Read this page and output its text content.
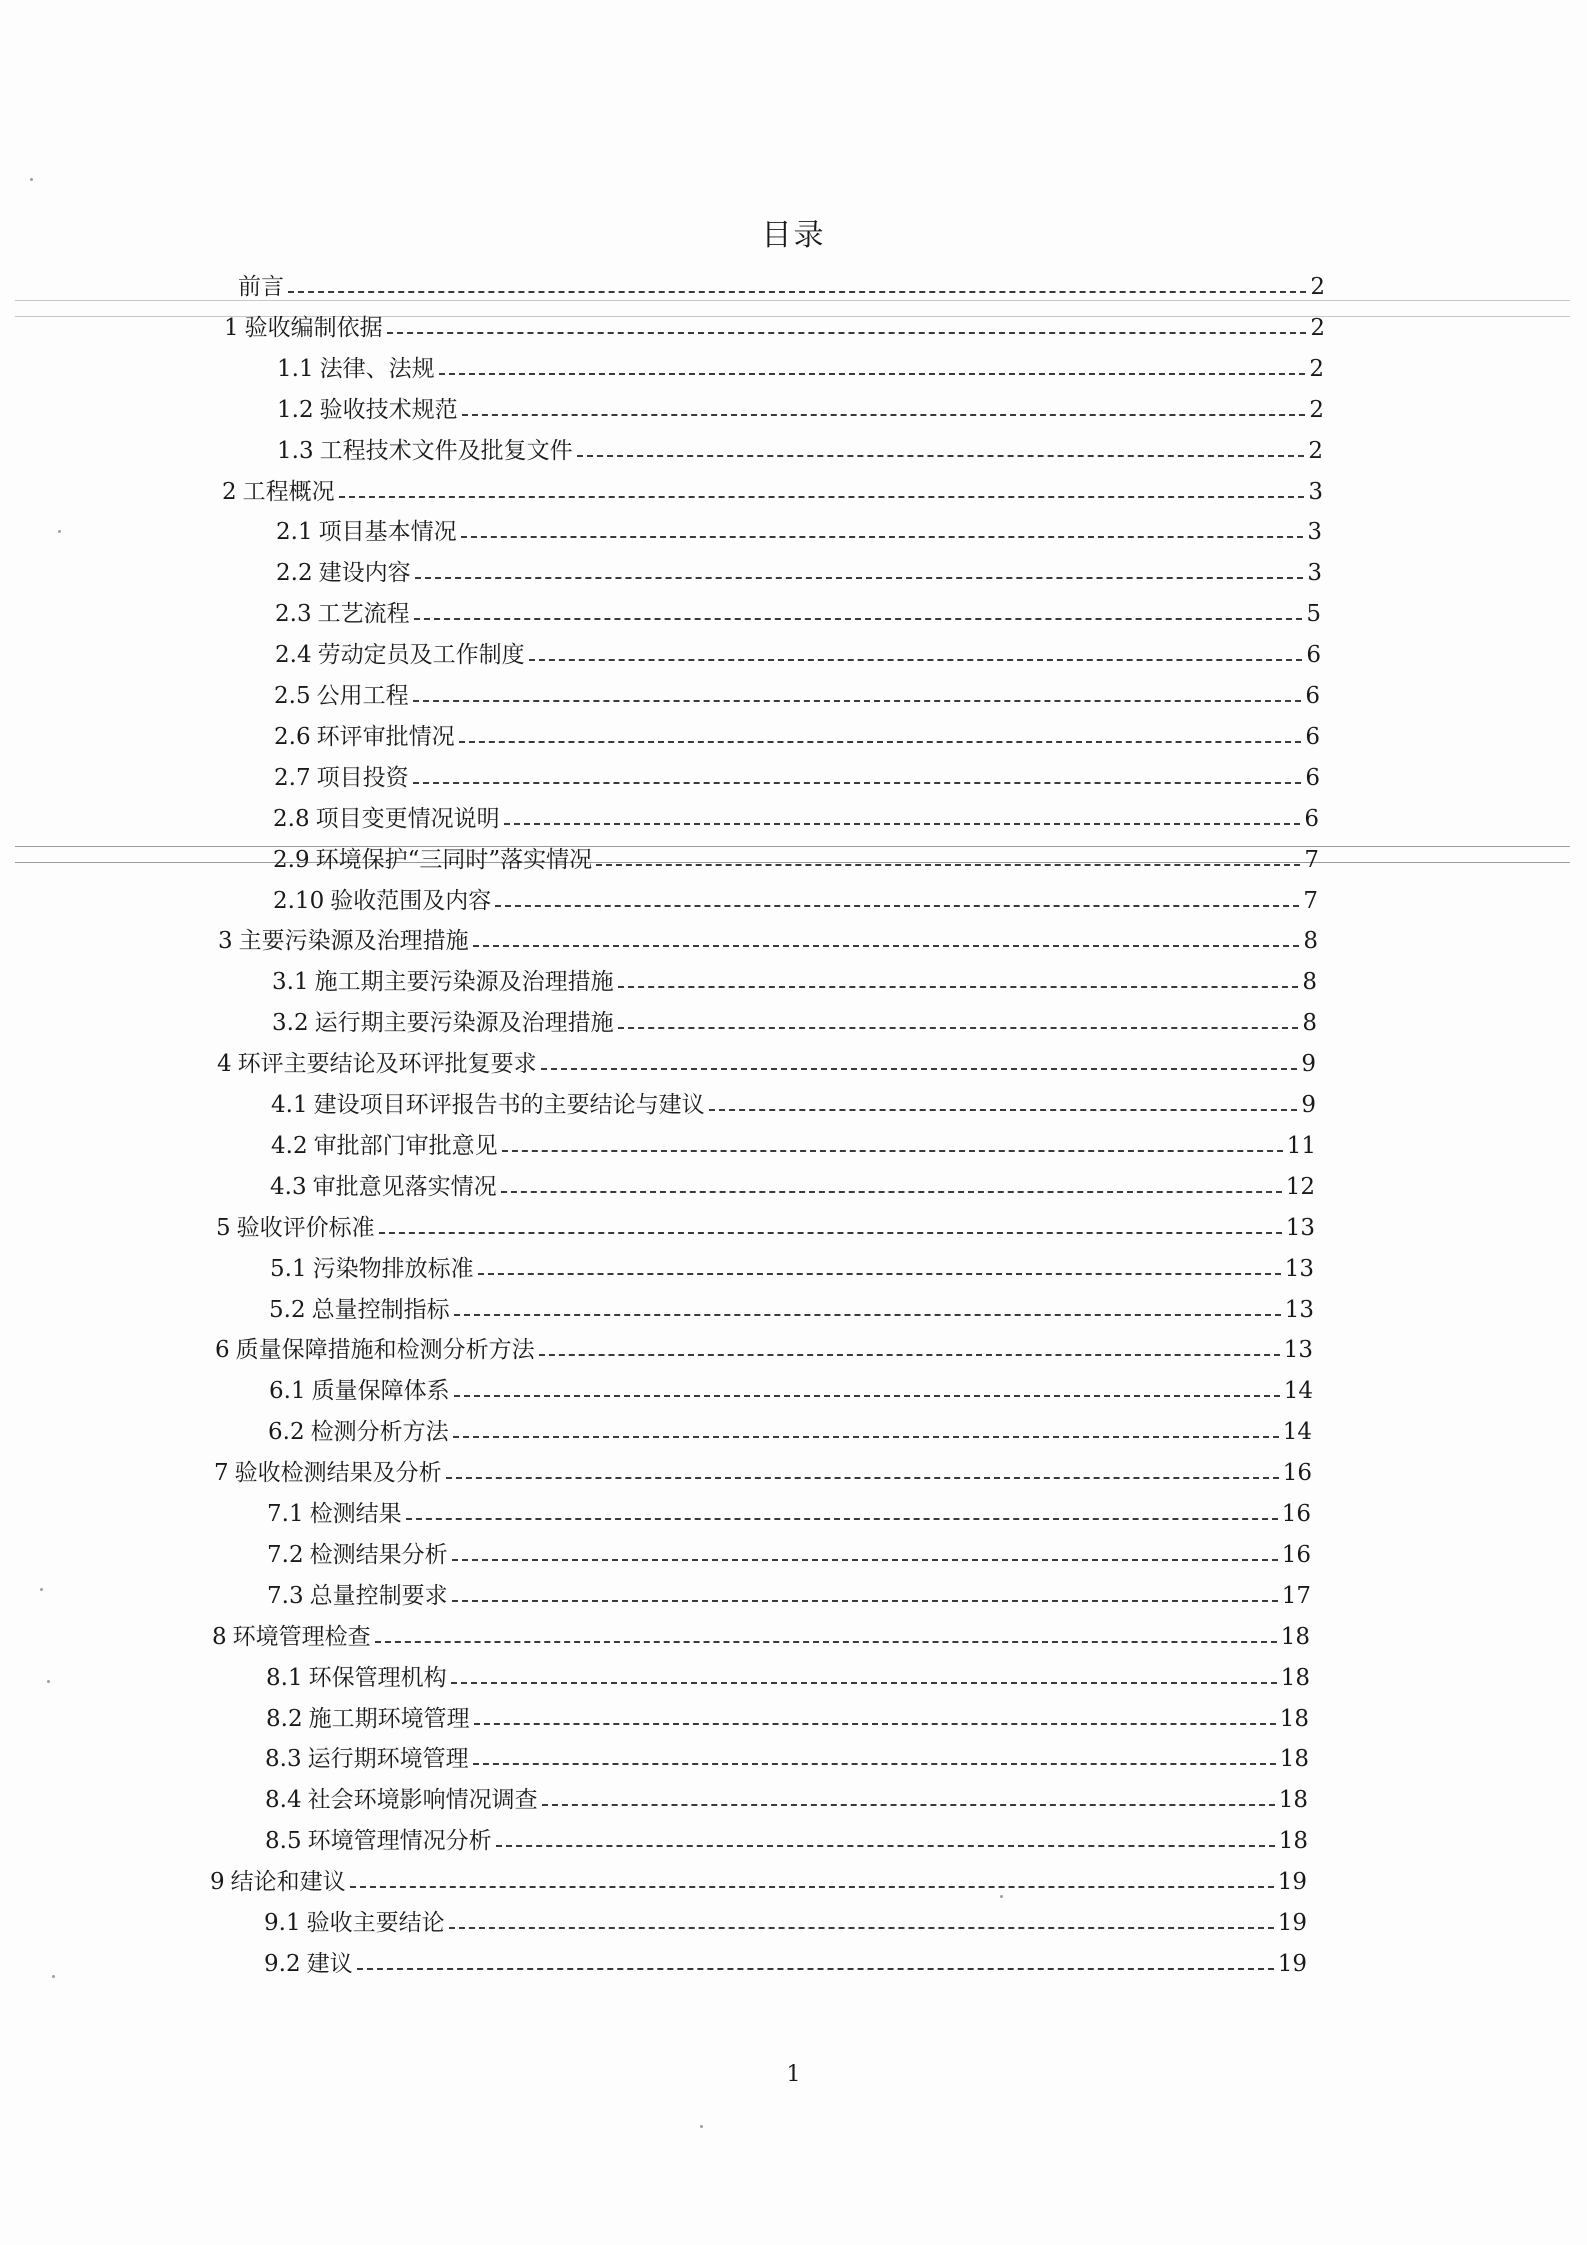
目录
前言	2
1 验收编制依据	2
1.1 法律、法规	2
1.2 验收技术规范	2
1.3 工程技术文件及批复文件	2
2 工程概况	3
2.1 项目基本情况	3
2.2 建设内容	3
2.3 工艺流程	5
2.4 劳动定员及工作制度	6
2.5 公用工程	6
2.6 环评审批情况	6
2.7 项目投资	6
2.8 项目变更情况说明	6
2.9 环境保护“三同时”落实情况	7
2.10 验收范围及内容	7
3 主要污染源及治理措施	8
3.1 施工期主要污染源及治理措施	8
3.2 运行期主要污染源及治理措施	8
4 环评主要结论及环评批复要求	9
4.1 建设项目环评报告书的主要结论与建议	9
4.2 审批部门审批意见	11
4.3 审批意见落实情况	12
5 验收评价标准	13
5.1 污染物排放标准	13
5.2 总量控制指标	13
6 质量保障措施和检测分析方法	13
6.1 质量保障体系	14
6.2 检测分析方法	14
7 验收检测结果及分析	16
7.1 检测结果	16
7.2 检测结果分析	16
7.3 总量控制要求	17
8 环境管理检查	18
8.1 环保管理机构	18
8.2 施工期环境管理	18
8.3 运行期环境管理	18
8.4 社会环境影响情况调查	18
8.5 环境管理情况分析	18
9 结论和建议	19
9.1 验收主要结论	19
9.2 建议	19
1
